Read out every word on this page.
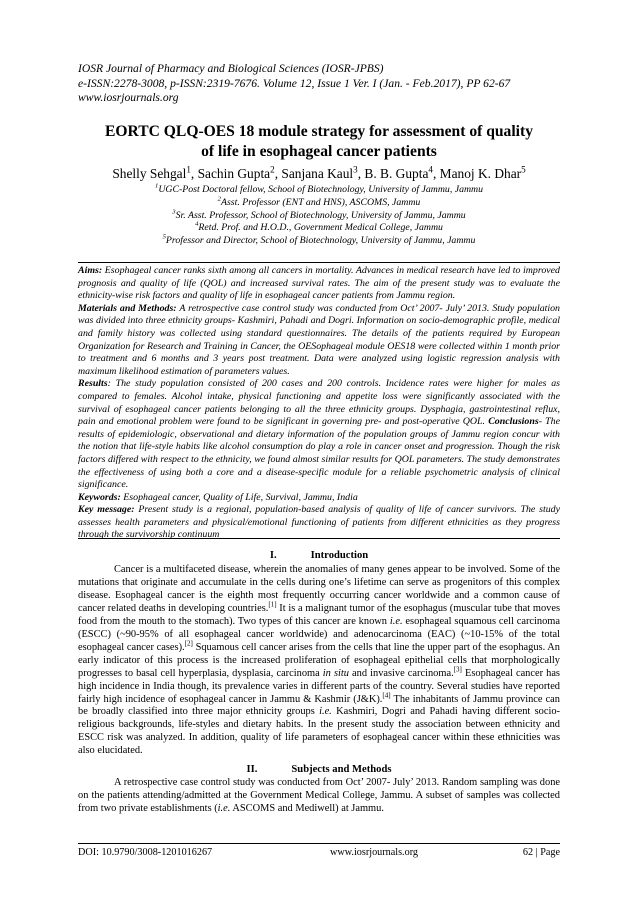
IOSR Journal of Pharmacy and Biological Sciences (IOSR-JPBS)
e-ISSN:2278-3008, p-ISSN:2319-7676. Volume 12, Issue 1 Ver. I (Jan. - Feb.2017), PP 62-67
www.iosrjournals.org
EORTC QLQ-OES 18 module strategy for assessment of quality
of life in esophageal cancer patients
Shelly Sehgal$^1$, Sachin Gupta$^2$, Sanjana Kaul$^3$, B. B. Gupta$^4$, Manoj K. Dhar$^5$
$^1$UGC-Post Doctoral fellow, School of Biotechnology, University of Jammu, Jammu
$^2$Asst. Professor (ENT and HNS), ASCOMS, Jammu
$^3$Sr. Asst. Professor, School of Biotechnology, University of Jammu, Jammu
$^4$Retd. Prof. and H.O.D., Government Medical College, Jammu
$^5$Professor and Director, School of Biotechnology, University of Jammu, Jammu

Aims: Esophageal cancer ranks sixth among all cancers in mortality. Advances in medical research have led to improved prognosis and quality of life (QOL) and increased survival rates. The aim of the present study was to evaluate the ethnicity-wise risk factors and quality of life in esophageal cancer patients from Jammu region.

Materials and Methods: A retrospective case control study was conducted from Oct’ 2007- July’ 2013. Study population was divided into three ethnicity groups- Kashmiri, Pahadi and Dogri. Information on socio-demographic profile, medical and family history was collected using standard questionnaires. The details of the patients required by European Organization for Research and Training in Cancer, the OESophageal module OES18 were collected within 1 month prior to treatment and 6 months and 3 years post treatment. Data were analyzed using logistic regression analysis with maximum likelihood estimation of parameters values.

Results: The study population consisted of 200 cases and 200 controls. Incidence rates were higher for males as compared to females. Alcohol intake, physical functioning and appetite loss were significantly associated with the survival of esophageal cancer patients belonging to all the three ethnicity groups. Dysphagia, gastrointestinal reflux, pain and emotional problem were found to be significant in governing pre- and post-operative QOL. Conclusions- The results of epidemiologic, observational and dietary information of the population groups of Jammu region concur with the notion that life-style habits like alcohol consumption do play a role in cancer onset and progression. Though the risk factors differed with respect to the ethnicity, we found almost similar results for QOL parameters. The study demonstrates the effectiveness of using both a core and a disease-specific module for a reliable psychometric analysis of clinical significance.

Keywords: Esophageal cancer, Quality of Life, Survival, Jammu, India

Key message: Present study is a regional, population-based analysis of quality of life of cancer survivors. The study assesses health parameters and physical/emotional functioning of patients from different ethnicities as they progress through the survivorship continuum

I.	Introduction

Cancer is a multifaceted disease, wherein the anomalies of many genes appear to be involved. Some of the mutations that originate and accumulate in the cells during one’s lifetime can serve as progenitors of this complex disease. Esophageal cancer is the eighth most frequently occurring cancer worldwide and a common cause of cancer related deaths in developing countries.[1] It is a malignant tumor of the esophagus (muscular tube that moves food from the mouth to the stomach). Two types of this cancer are known i.e. esophageal squamous cell carcinoma (ESCC) (~90-95% of all esophageal cancer worldwide) and adenocarcinoma (EAC) (~10-15% of the total esophageal cancer cases).[2] Squamous cell cancer arises from the cells that line the upper part of the esophagus. An early indicator of this process is the increased proliferation of esophageal epithelial cells that morphologically progresses to basal cell hyperplasia, dysplasia, carcinoma in situ and invasive carcinoma.[3] Esophageal cancer has high incidence in India though, its prevalence varies in different parts of the country. Several studies have reported fairly high incidence of esophageal cancer in Jammu & Kashmir (J&K).[4] The inhabitants of Jammu province can be broadly classified into three major ethnicity groups i.e. Kashmiri, Dogri and Pahadi having different socio-religious backgrounds, life-styles and dietary habits. In the present study the association between ethnicity and ESCC risk was analyzed. In addition, quality of life parameters of esophageal cancer within these ethnicities was also elucidated.

II.	Subjects and Methods

A retrospective case control study was conducted from Oct’ 2007- July’ 2013. Random sampling was done on the patients attending/admitted at the Government Medical College, Jammu. A subset of samples was collected from two private establishments (i.e. ASCOMS and Mediwell) at Jammu.

DOI: 10.9790/3008-1201016267	www.iosrjournals.org	62 | Page
